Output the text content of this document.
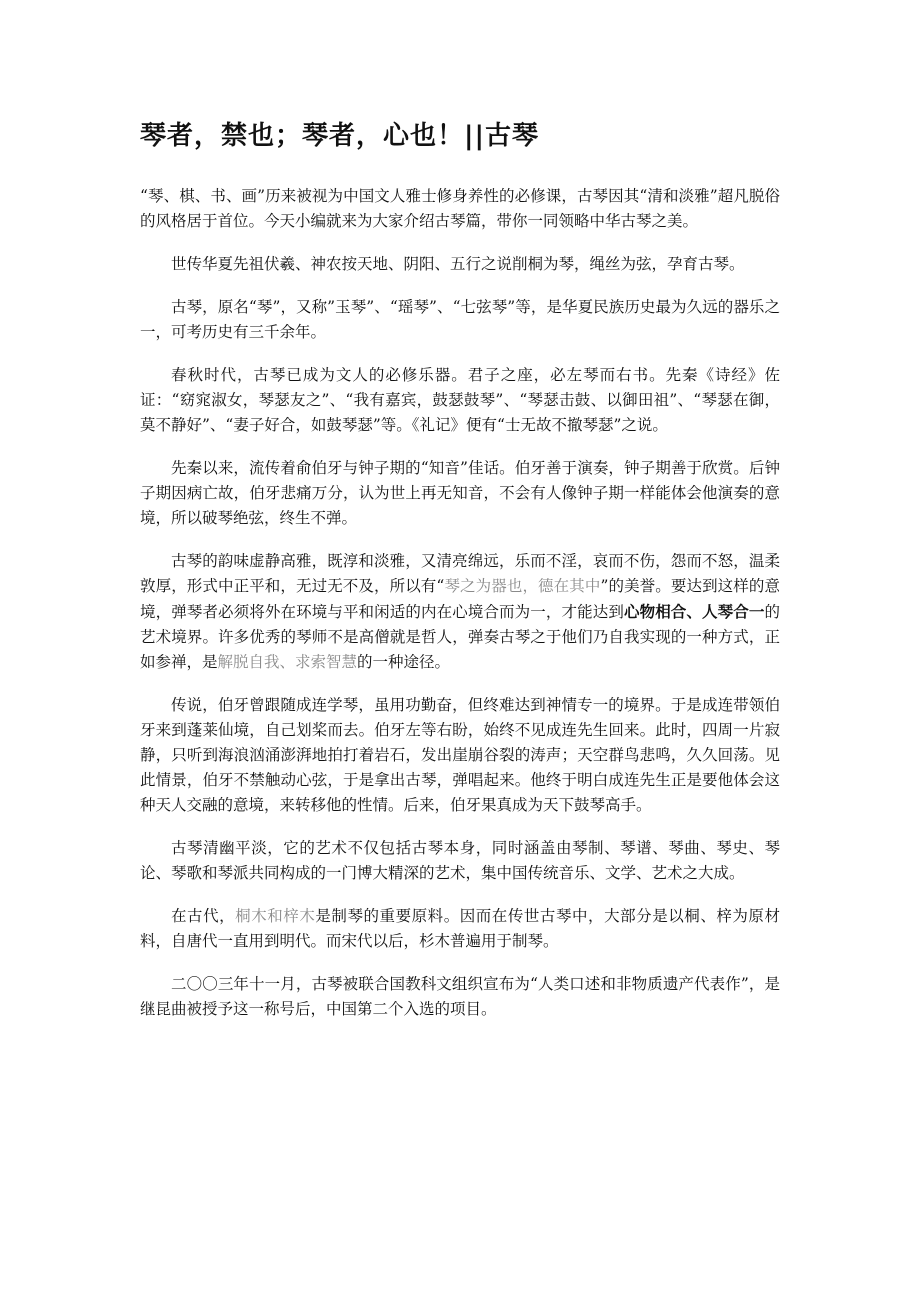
琴者，禁也；琴者，心也！||古琴

“琴、棋、书、画”历来被视为中国文人雅士修身养性的必修课，古琴因其“清和淡雅”超凡脱俗的风格居于首位。今天小编就来为大家介绍古琴篇，带你一同领略中华古琴之美。

世传华夏先祖伏羲、神农按天地、阴阳、五行之说削桐为琴，绳丝为弦，孕育古琴。

古琴，原名“琴”，又称”玉琴”、“瑶琴”、“七弦琴”等，是华夏民族历史最为久远的器乐之一，可考历史有三千余年。

春秋时代，古琴已成为文人的必修乐器。君子之座，必左琴而右书。先秦《诗经》佐证：“窈窕淑女，琴瑟友之”、“我有嘉宾，鼓瑟鼓琴”、“琴瑟击鼓、以御田祖”、“琴瑟在御，莫不静好”、“妻子好合，如鼓琴瑟”等。《礼记》便有“士无故不撤琴瑟”之说。

先秦以来，流传着俞伯牙与钟子期的“知音”佳话。伯牙善于演奏，钟子期善于欣赏。后钟子期因病亡故，伯牙悲痛万分，认为世上再无知音，不会有人像钟子期一样能体会他演奏的意境，所以破琴绝弦，终生不弹。

古琴的韵味虚静高雅，既淳和淡雅，又清亮绵远，乐而不淫，哀而不伤，怨而不怒，温柔敦厚，形式中正平和，无过无不及，所以有“琴之为器也，德在其中”的美誉。要达到这样的意境，弹琴者必须将外在环境与平和闲适的内在心境合而为一，才能达到心物相合、人琴合一的艺术境界。许多优秀的琴师不是高僧就是哲人，弹奏古琴之于他们乃自我实现的一种方式，正如参禅，是解脱自我、求索智慧的一种途径。

传说，伯牙曾跟随成连学琴，虽用功勤奋，但终难达到神情专一的境界。于是成连带领伯牙来到蓬莱仙境，自己划桨而去。伯牙左等右盼，始终不见成连先生回来。此时，四周一片寂静，只听到海浪汹涌澎湃地拍打着岩石，发出崖崩谷裂的涛声；天空群鸟悲鸣，久久回荡。见此情景，伯牙不禁触动心弦，于是拿出古琴，弹唱起来。他终于明白成连先生正是要他体会这种天人交融的意境，来转移他的性情。后来，伯牙果真成为天下鼓琴高手。

古琴清幽平淡，它的艺术不仅包括古琴本身，同时涵盖由琴制、琴谱、琴曲、琴史、琴论、琴歌和琴派共同构成的一门博大精深的艺术，集中国传统音乐、文学、艺术之大成。

在古代，桐木和梓木是制琴的重要原料。因而在传世古琴中，大部分是以桐、梓为原材料，自唐代一直用到明代。而宋代以后，杉木普遍用于制琴。

二〇〇三年十一月，古琴被联合国教科文组织宣布为“人类口述和非物质遗产代表作”，是继昆曲被授予这一称号后，中国第二个入选的项目。
